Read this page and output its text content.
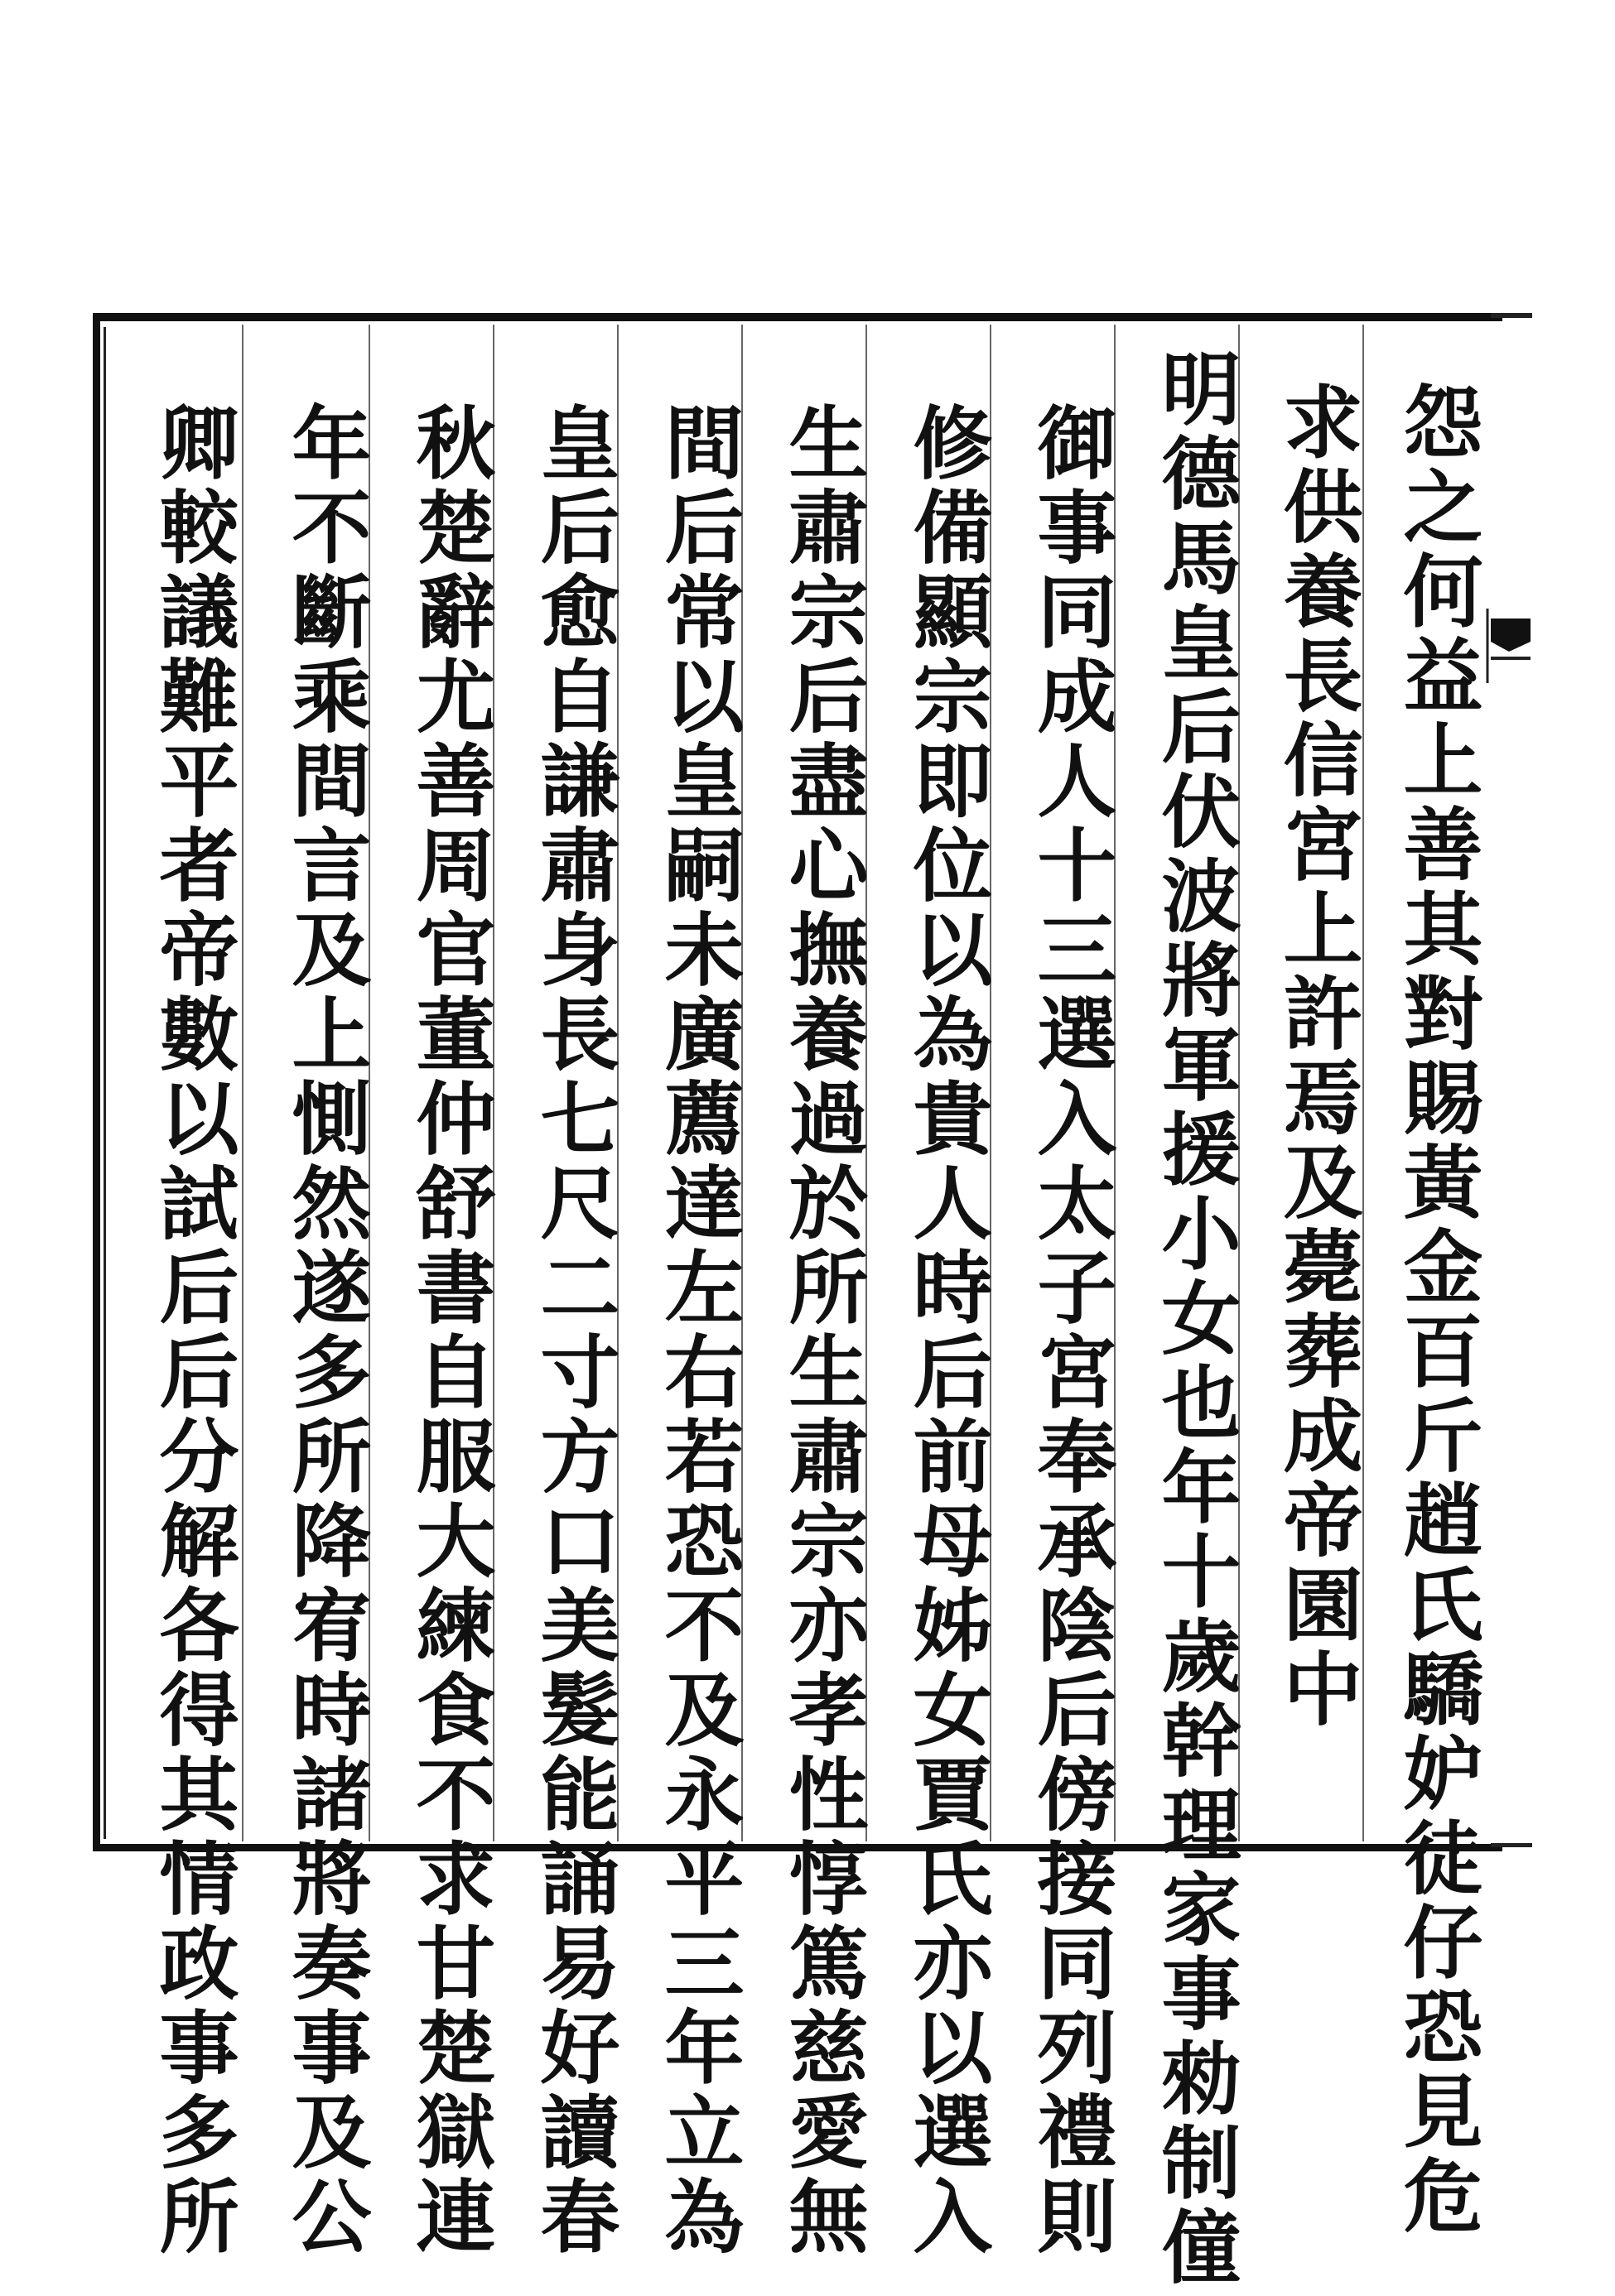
怨之何益上善其對賜黃金百斤趙氏驕妒徒仔恐見危
求供養長信宮上許焉及薨葬成帝園中
明德馬皇后伏波將軍援小女也年十歲幹理家事勑制僮
御事同成人十三選入太子宮奉承陰后傍接同列禮則
修備顯宗即位以為貴人時后前母姊女賈氏亦以選入
生肅宗后盡心撫養過於所生肅宗亦孝性惇篤慈愛無
間后常以皇嗣未廣薦達左右若恐不及永平三年立為
皇后愈自謙肅身長七尺二寸方口美髮能誦易好讀春
秋楚辭尤善周官董仲舒書自服大練食不求甘楚獄連
年不斷乘間言及上惻然遂多所降宥時諸將奏事及公
卿較議難平者帝數以試后后分解各得其情政事多所
